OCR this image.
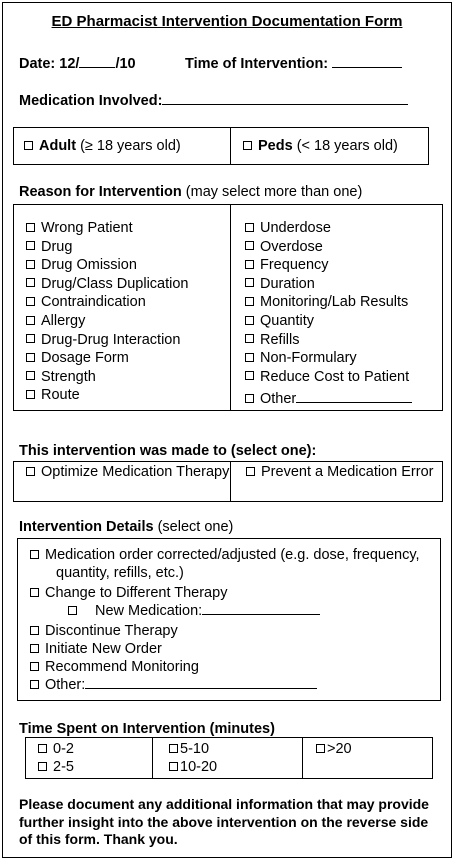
ED Pharmacist Intervention Documentation Form
Date: 12/ /10	Time of Intervention:
Medication Involved:
Adult (≥ 18 years old)	Peds (< 18 years old)
Reason for Intervention (may select more than one)
Wrong Patient
Drug
Drug Omission
Drug/Class Duplication
Contraindication
Allergy
Drug-Drug Interaction
Dosage Form
Strength
Route
Underdose
Overdose
Frequency
Duration
Monitoring/Lab Results
Quantity
Refills
Non-Formulary
Reduce Cost to Patient
Other
This intervention was made to (select one):
Optimize Medication Therapy	Prevent a Medication Error
Intervention Details (select one)
Medication order corrected/adjusted (e.g. dose, frequency, quantity, refills, etc.)
Change to Different Therapy
New Medication:
Discontinue Therapy
Initiate New Order
Recommend Monitoring
Other:
Time Spent on Intervention (minutes)
0-2
2-5
5-10
10-20
>20
Please document any additional information that may provide further insight into the above intervention on the reverse side of this form. Thank you.
